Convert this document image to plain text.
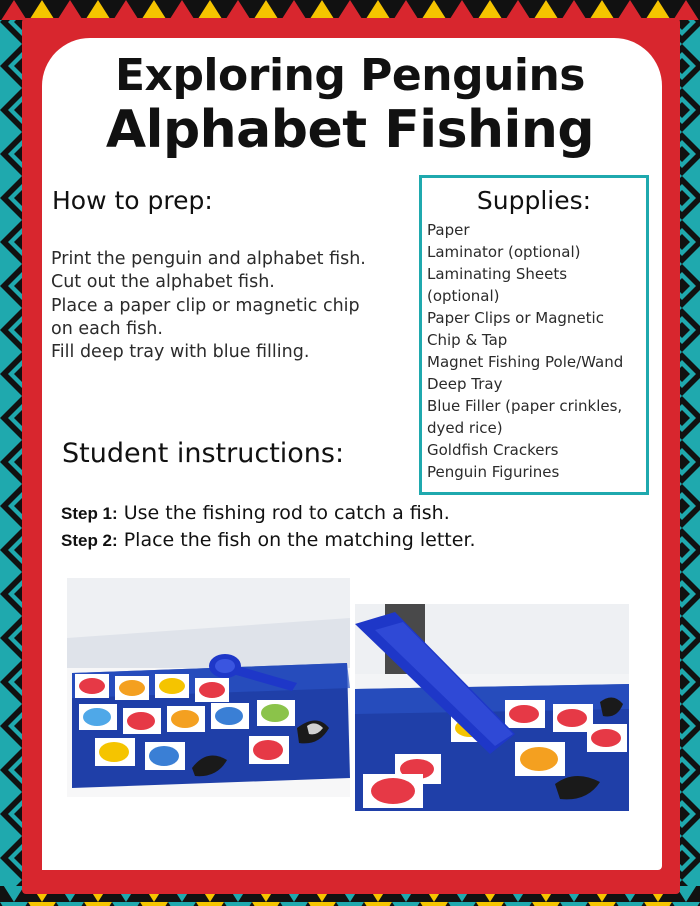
Exploring Penguins
Alphabet Fishing
How to prep:
Print the penguin and alphabet fish.
Cut out the alphabet fish.
Place a paper clip or magnetic chip
on each fish.
Fill deep tray with blue filling.
Supplies:
Paper
Laminator (optional)
Laminating Sheets
(optional)
Paper Clips or Magnetic
Chip & Tap
Magnet Fishing Pole/Wand
Deep Tray
Blue Filler (paper crinkles,
dyed rice)
Goldfish Crackers
Penguin Figurines
Student instructions:
Step 1: Use the fishing rod to catch a fish.
Step 2: Place the fish on the matching letter.
